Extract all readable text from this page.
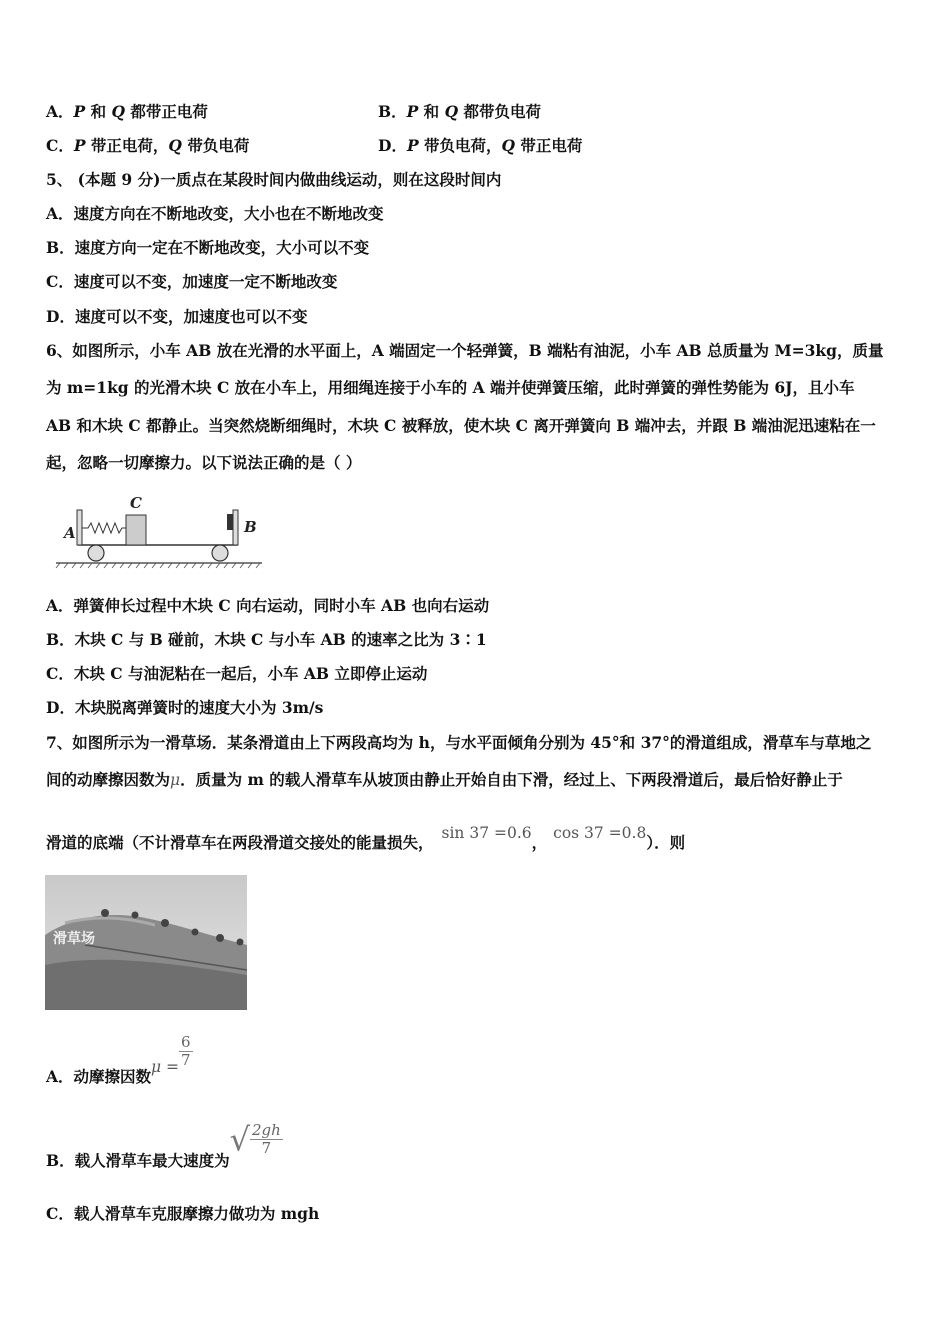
A．P 和 Q 都带正电荷	B．P 和 Q 都带负电荷
C．P 带正电荷，Q 带负电荷	D．P 带负电荷，Q 带正电荷
5、 (本题 9 分)一质点在某段时间内做曲线运动，则在这段时间内
A．速度方向在不断地改变，大小也在不断地改变
B．速度方向一定在不断地改变，大小可以不变
C．速度可以不变，加速度一定不断地改变
D．速度可以不变，加速度也可以不变
6、如图所示，小车 AB 放在光滑的水平面上，A 端固定一个轻弹簧，B 端粘有油泥，小车 AB 总质量为 M=3kg，质量
为 m=1kg 的光滑木块 C 放在小车上，用细绳连接于小车的 A 端并使弹簧压缩，此时弹簧的弹性势能为 6J，且小车
AB 和木块 C 都静止。当突然烧断细绳时，木块 C 被释放，使木块 C 离开弹簧向 B 端冲去，并跟 B 端油泥迅速粘在一
起，忽略一切摩擦力。以下说法正确的是（ ）
A
C
B
A．弹簧伸长过程中木块 C 向右运动，同时小车 AB 也向右运动
B．木块 C 与 B 碰前，木块 C 与小车 AB 的速率之比为 3∶1
C．木块 C 与油泥粘在一起后，小车 AB 立即停止运动
D．木块脱离弹簧时的速度大小为 3m/s
7、如图所示为一滑草场．某条滑道由上下两段高均为 h，与水平面倾角分别为 45°和 37°的滑道组成，滑草车与草地之
间的动摩擦因数为μ．质量为 m 的载人滑草车从坡顶由静止开始自由下滑，经过上、下两段滑道后，最后恰好静止于
滑道的底端（不计滑草车在两段滑道交接处的能量损失， sin 37 =0.6， cos 37 =0.8）．则
滑草场
A．动摩擦因数$\mu = \frac{6}{7}$
B．载人滑草车最大速度为√ $\frac{2gh}{7}$
C．载人滑草车克服摩擦力做功为 mgh
